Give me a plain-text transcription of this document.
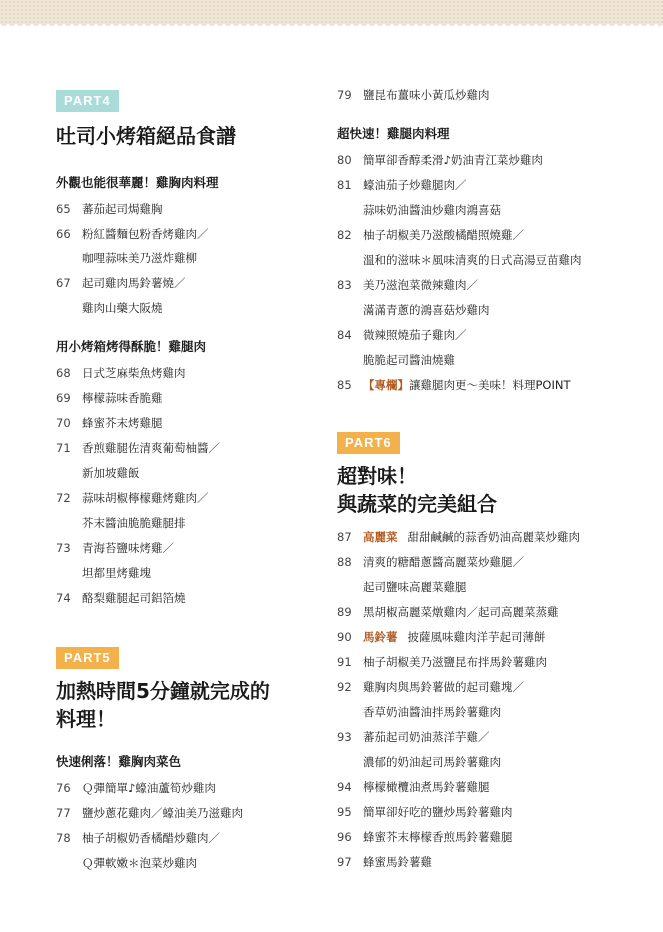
PART4
吐司小烤箱絕品食譜
外觀也能很華麗！雞胸肉料理
65 蕃茄起司焗雞胸
66 粉紅醬麵包粉香烤雞肉／
咖哩蒜味美乃滋炸雞柳
67 起司雞肉馬鈴薯燒／
雞肉山藥大阪燒
用小烤箱烤得酥脆！雞腿肉
68 日式芝麻柴魚烤雞肉
69 檸檬蒜味香脆雞
70 蜂蜜芥末烤雞腿
71 香煎雞腿佐清爽葡萄柚醬／
新加坡雞飯
72 蒜味胡椒檸檬雞烤雞肉／
芥末醬油脆脆雞腿排
73 青海苔鹽味烤雞／
坦都里烤雞塊
74 酪梨雞腿起司鋁箔燒
PART5
加熱時間5分鐘就完成的
料理！
快速俐落！雞胸肉菜色
76 Ｑ彈簡單♪蠔油蘆筍炒雞肉
77 鹽炒蔥花雞肉／蠔油美乃滋雞肉
78 柚子胡椒奶香橘醋炒雞肉／
Ｑ彈軟嫩＊泡菜炒雞肉
79 鹽昆布薑味小黃瓜炒雞肉
超快速！雞腿肉料理
80 簡單卻香醇柔滑♪奶油青江菜炒雞肉
81 蠔油茄子炒雞腿肉／
蒜味奶油醬油炒雞肉鴻喜菇
82 柚子胡椒美乃滋酸橘醋照燒雞／
溫和的滋味＊風味清爽的日式高湯豆苗雞肉
83 美乃滋泡菜微辣雞肉／
滿滿青蔥的鴻喜菇炒雞肉
84 微辣照燒茄子雞肉／
脆脆起司醬油燒雞
85 【專欄】讓雞腿肉更～美味！料理POINT
PART6
超對味！
與蔬菜的完美組合
87 高麗菜 甜甜鹹鹹的蒜香奶油高麗菜炒雞肉
88 清爽的糖醋蔥醬高麗菜炒雞腿／
起司鹽味高麗菜雞腿
89 黑胡椒高麗菜燉雞肉／起司高麗菜蒸雞
90 馬鈴薯 披薩風味雞肉洋芋起司薄餅
91 柚子胡椒美乃滋鹽昆布拌馬鈴薯雞肉
92 雞胸肉與馬鈴薯做的起司雞塊／
香草奶油醬油拌馬鈴薯雞肉
93 蕃茄起司奶油蒸洋芋雞／
濃郁的奶油起司馬鈴薯雞肉
94 檸檬橄欖油煮馬鈴薯雞腿
95 簡單卻好吃的鹽炒馬鈴薯雞肉
96 蜂蜜芥末檸檬香煎馬鈴薯雞腿
97 蜂蜜馬鈴薯雞
